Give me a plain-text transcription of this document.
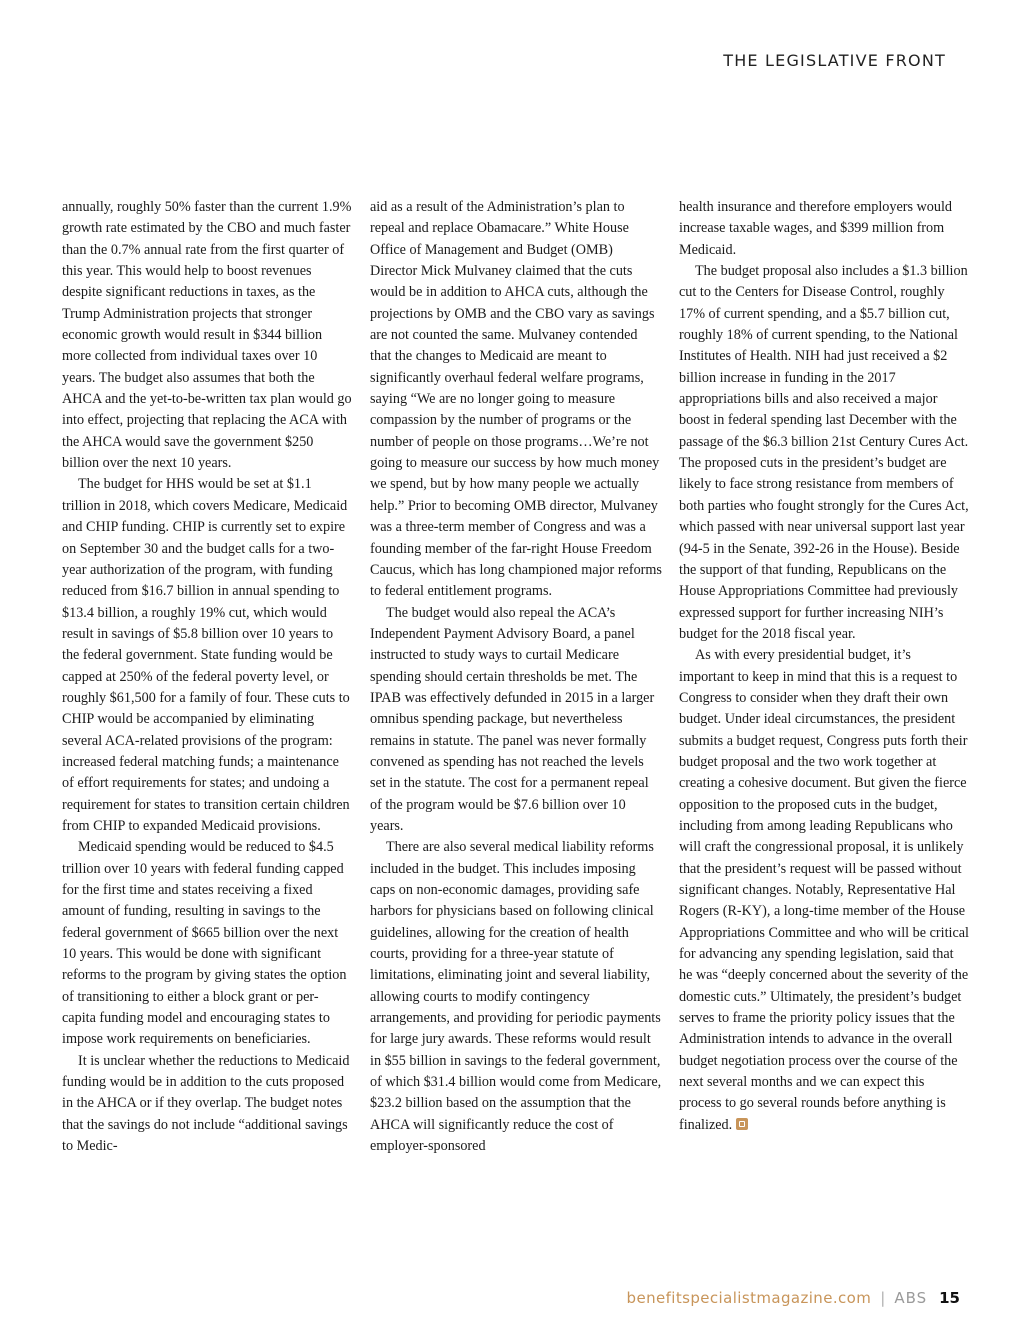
THE LEGISLATIVE FRONT

annually, roughly 50% faster than the current 1.9% growth rate estimated by the CBO and much faster than the 0.7% annual rate from the first quarter of this year. This would help to boost revenues despite significant reductions in taxes, as the Trump Administration projects that stronger economic growth would result in $344 billion more collected from individual taxes over 10 years. The budget also assumes that both the AHCA and the yet-to-be-written tax plan would go into effect, projecting that replacing the ACA with the AHCA would save the government $250 billion over the next 10 years.

The budget for HHS would be set at $1.1 trillion in 2018, which covers Medicare, Medicaid and CHIP funding. CHIP is currently set to expire on September 30 and the budget calls for a two-year authorization of the program, with funding reduced from $16.7 billion in annual spending to $13.4 billion, a roughly 19% cut, which would result in savings of $5.8 billion over 10 years to the federal government. State funding would be capped at 250% of the federal poverty level, or roughly $61,500 for a family of four. These cuts to CHIP would be accompanied by eliminating several ACA-related provisions of the program: increased federal matching funds; a maintenance of effort requirements for states; and undoing a requirement for states to transition certain children from CHIP to expanded Medicaid provisions.

Medicaid spending would be reduced to $4.5 trillion over 10 years with federal funding capped for the first time and states receiving a fixed amount of funding, resulting in savings to the federal government of $665 billion over the next 10 years. This would be done with significant reforms to the program by giving states the option of transitioning to either a block grant or per-capita funding model and encouraging states to impose work requirements on beneficiaries.

It is unclear whether the reductions to Medicaid funding would be in addition to the cuts proposed in the AHCA or if they overlap. The budget notes that the savings do not include “additional savings to Medic-

aid as a result of the Administration’s plan to repeal and replace Obamacare.” White House Office of Management and Budget (OMB) Director Mick Mulvaney claimed that the cuts would be in addition to AHCA cuts, although the projections by OMB and the CBO vary as savings are not counted the same. Mulvaney contended that the changes to Medicaid are meant to significantly overhaul federal welfare programs, saying “We are no longer going to measure compassion by the number of programs or the number of people on those programs…We’re not going to measure our success by how much money we spend, but by how many people we actually help.” Prior to becoming OMB director, Mulvaney was a three-term member of Congress and was a founding member of the far-right House Freedom Caucus, which has long championed major reforms to federal entitlement programs.

The budget would also repeal the ACA’s Independent Payment Advisory Board, a panel instructed to study ways to curtail Medicare spending should certain thresholds be met. The IPAB was effectively defunded in 2015 in a larger omnibus spending package, but nevertheless remains in statute. The panel was never formally convened as spending has not reached the levels set in the statute. The cost for a permanent repeal of the program would be $7.6 billion over 10 years.

There are also several medical liability reforms included in the budget. This includes imposing caps on non-economic damages, providing safe harbors for physicians based on following clinical guidelines, allowing for the creation of health courts, providing for a three-year statute of limitations, eliminating joint and several liability, allowing courts to modify contingency arrangements, and providing for periodic payments for large jury awards. These reforms would result in $55 billion in savings to the federal government, of which $31.4 billion would come from Medicare, $23.2 billion based on the assumption that the AHCA will significantly reduce the cost of employer-sponsored

health insurance and therefore employers would increase taxable wages, and $399 million from Medicaid.

The budget proposal also includes a $1.3 billion cut to the Centers for Disease Control, roughly 17% of current spending, and a $5.7 billion cut, roughly 18% of current spending, to the National Institutes of Health. NIH had just received a $2 billion increase in funding in the 2017 appropriations bills and also received a major boost in federal spending last December with the passage of the $6.3 billion 21st Century Cures Act. The proposed cuts in the president’s budget are likely to face strong resistance from members of both parties who fought strongly for the Cures Act, which passed with near universal support last year (94-5 in the Senate, 392-26 in the House). Beside the support of that funding, Republicans on the House Appropriations Committee had previously expressed support for further increasing NIH’s budget for the 2018 fiscal year.

As with every presidential budget, it’s important to keep in mind that this is a request to Congress to consider when they draft their own budget. Under ideal circumstances, the president submits a budget request, Congress puts forth their budget proposal and the two work together at creating a cohesive document. But given the fierce opposition to the proposed cuts in the budget, including from among leading Republicans who will craft the congressional proposal, it is unlikely that the president’s request will be passed without significant changes. Notably, Representative Hal Rogers (R-KY), a long-time member of the House Appropriations Committee and who will be critical for advancing any spending legislation, said that he was “deeply concerned about the severity of the domestic cuts.” Ultimately, the president’s budget serves to frame the priority policy issues that the Administration intends to advance in the overall budget negotiation process over the course of the next several months and we can expect this process to go several rounds before anything is finalized.

benefitspecialistmagazine.com | ABS 15
